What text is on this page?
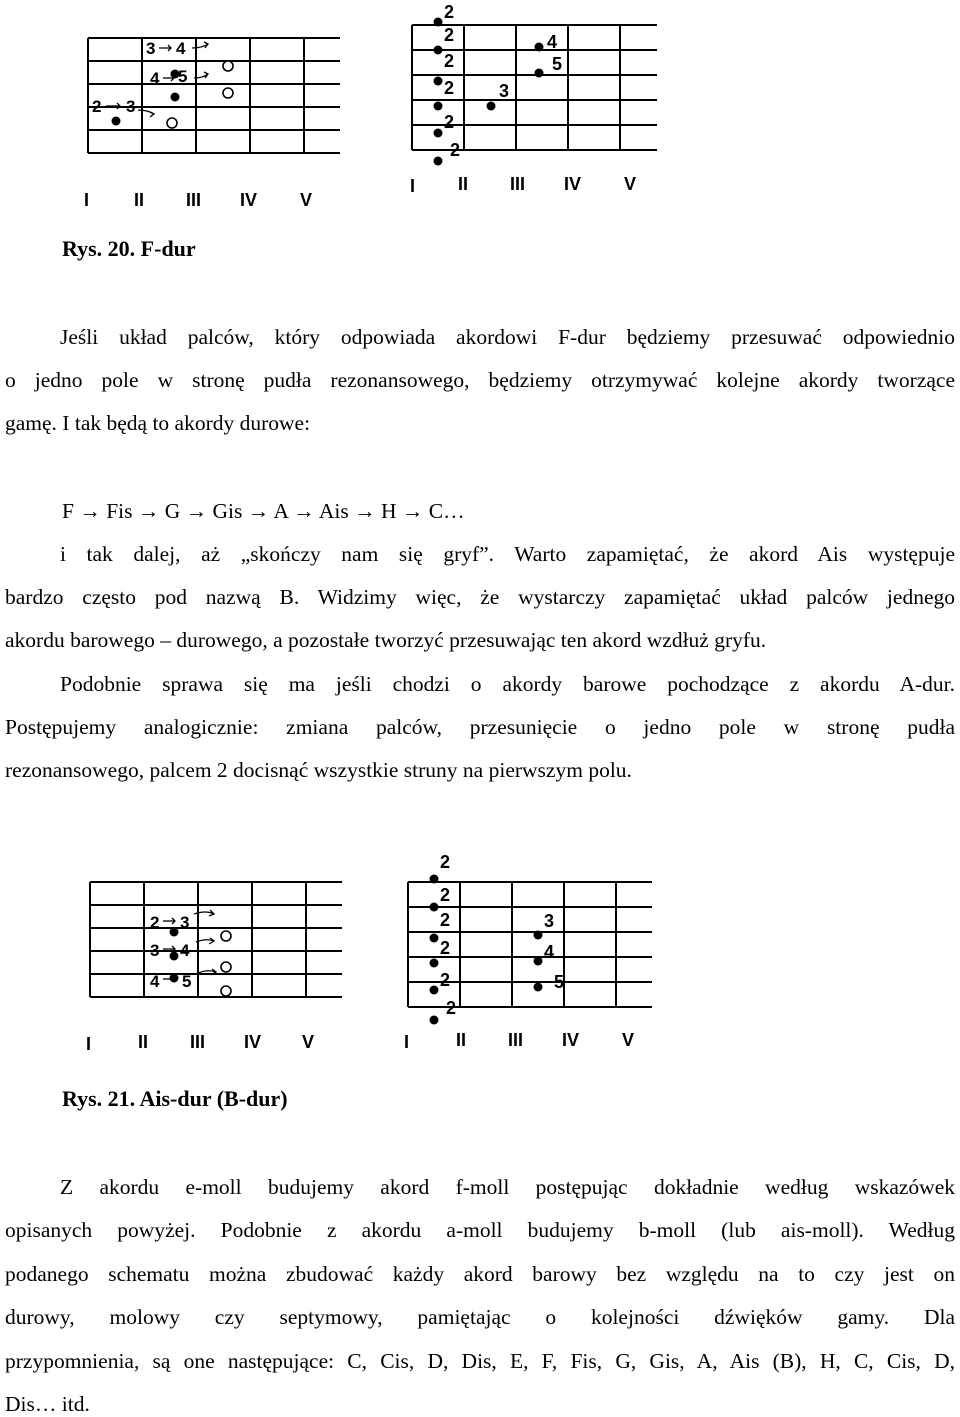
3 4
4 5
2 3
I II III IV V
2
2
2
2
2
2
4
5
3
I II III IV V

Rys. 20. F-dur

Jeśli układ palców, który odpowiada akordowi F-dur będziemy przesuwać odpowiednio
o jedno pole w stronę pudła rezonansowego, będziemy otrzymywać kolejne akordy tworzące
gamę. I tak będą to akordy durowe:

F → Fis → G → Gis → A → Ais → H → C…

i tak dalej, aż „skończy nam się gryf”. Warto zapamiętać, że akord Ais występuje
bardzo często pod nazwą B. Widzimy więc, że wystarczy zapamiętać układ palców jednego
akordu barowego – durowego, a pozostałe tworzyć przesuwając ten akord wzdłuż gryfu.
Podobnie sprawa się ma jeśli chodzi o akordy barowe pochodzące z akordu A-dur.
Postępujemy analogicznie: zmiana palców, przesunięcie o jedno pole w stronę pudła
rezonansowego, palcem 2 docisnąć wszystkie struny na pierwszym polu.
2 3
3 4
4 5
I	II III IV V
2
2
2
2
2
2
3
4
5
I	II III IV V

Rys. 21. Ais-dur (B-dur)

Z akordu e-moll budujemy akord f-moll postępując dokładnie według wskazówek
opisanych powyżej. Podobnie z akordu a-moll budujemy b-moll (lub ais-moll). Według
podanego schematu można zbudować każdy akord barowy bez względu na to czy jest on
durowy, molowy czy septymowy, pamiętając o kolejności dźwięków gamy. Dla
przypomnienia, są one następujące: C, Cis, D, Dis, E, F, Fis, G, Gis, A, Ais (B), H, C, Cis, D,
Dis… itd.
